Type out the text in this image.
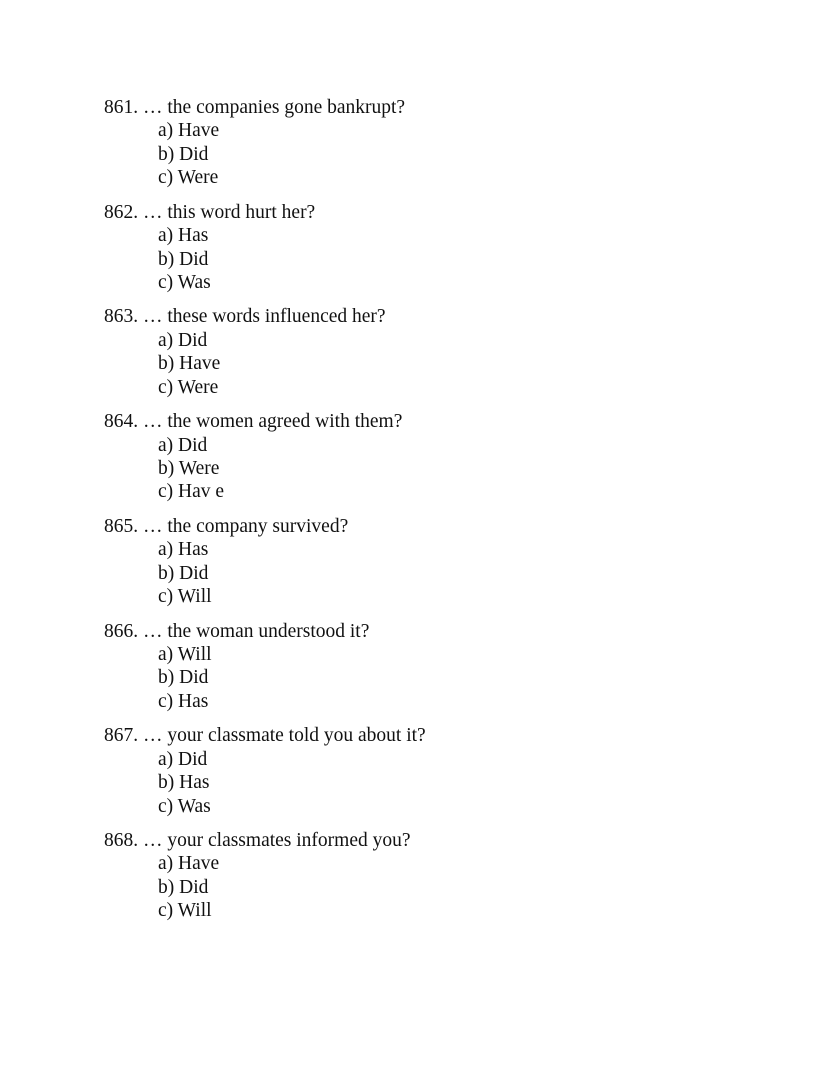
861. … the companies gone bankrupt?
a) Have
b) Did
c) Were
862. … this word hurt her?
a) Has
b) Did
c) Was
863. … these words influenced her?
a) Did
b) Have
c) Were
864. … the women agreed with them?
a) Did
b) Were
c) Hav e
865. … the company survived?
a) Has
b) Did
c) Will
866. … the woman understood it?
a) Will
b) Did
c) Has
867. … your classmate told you about it?
a) Did
b) Has
c) Was
868. … your classmates informed you?
a) Have
b) Did
c) Will
